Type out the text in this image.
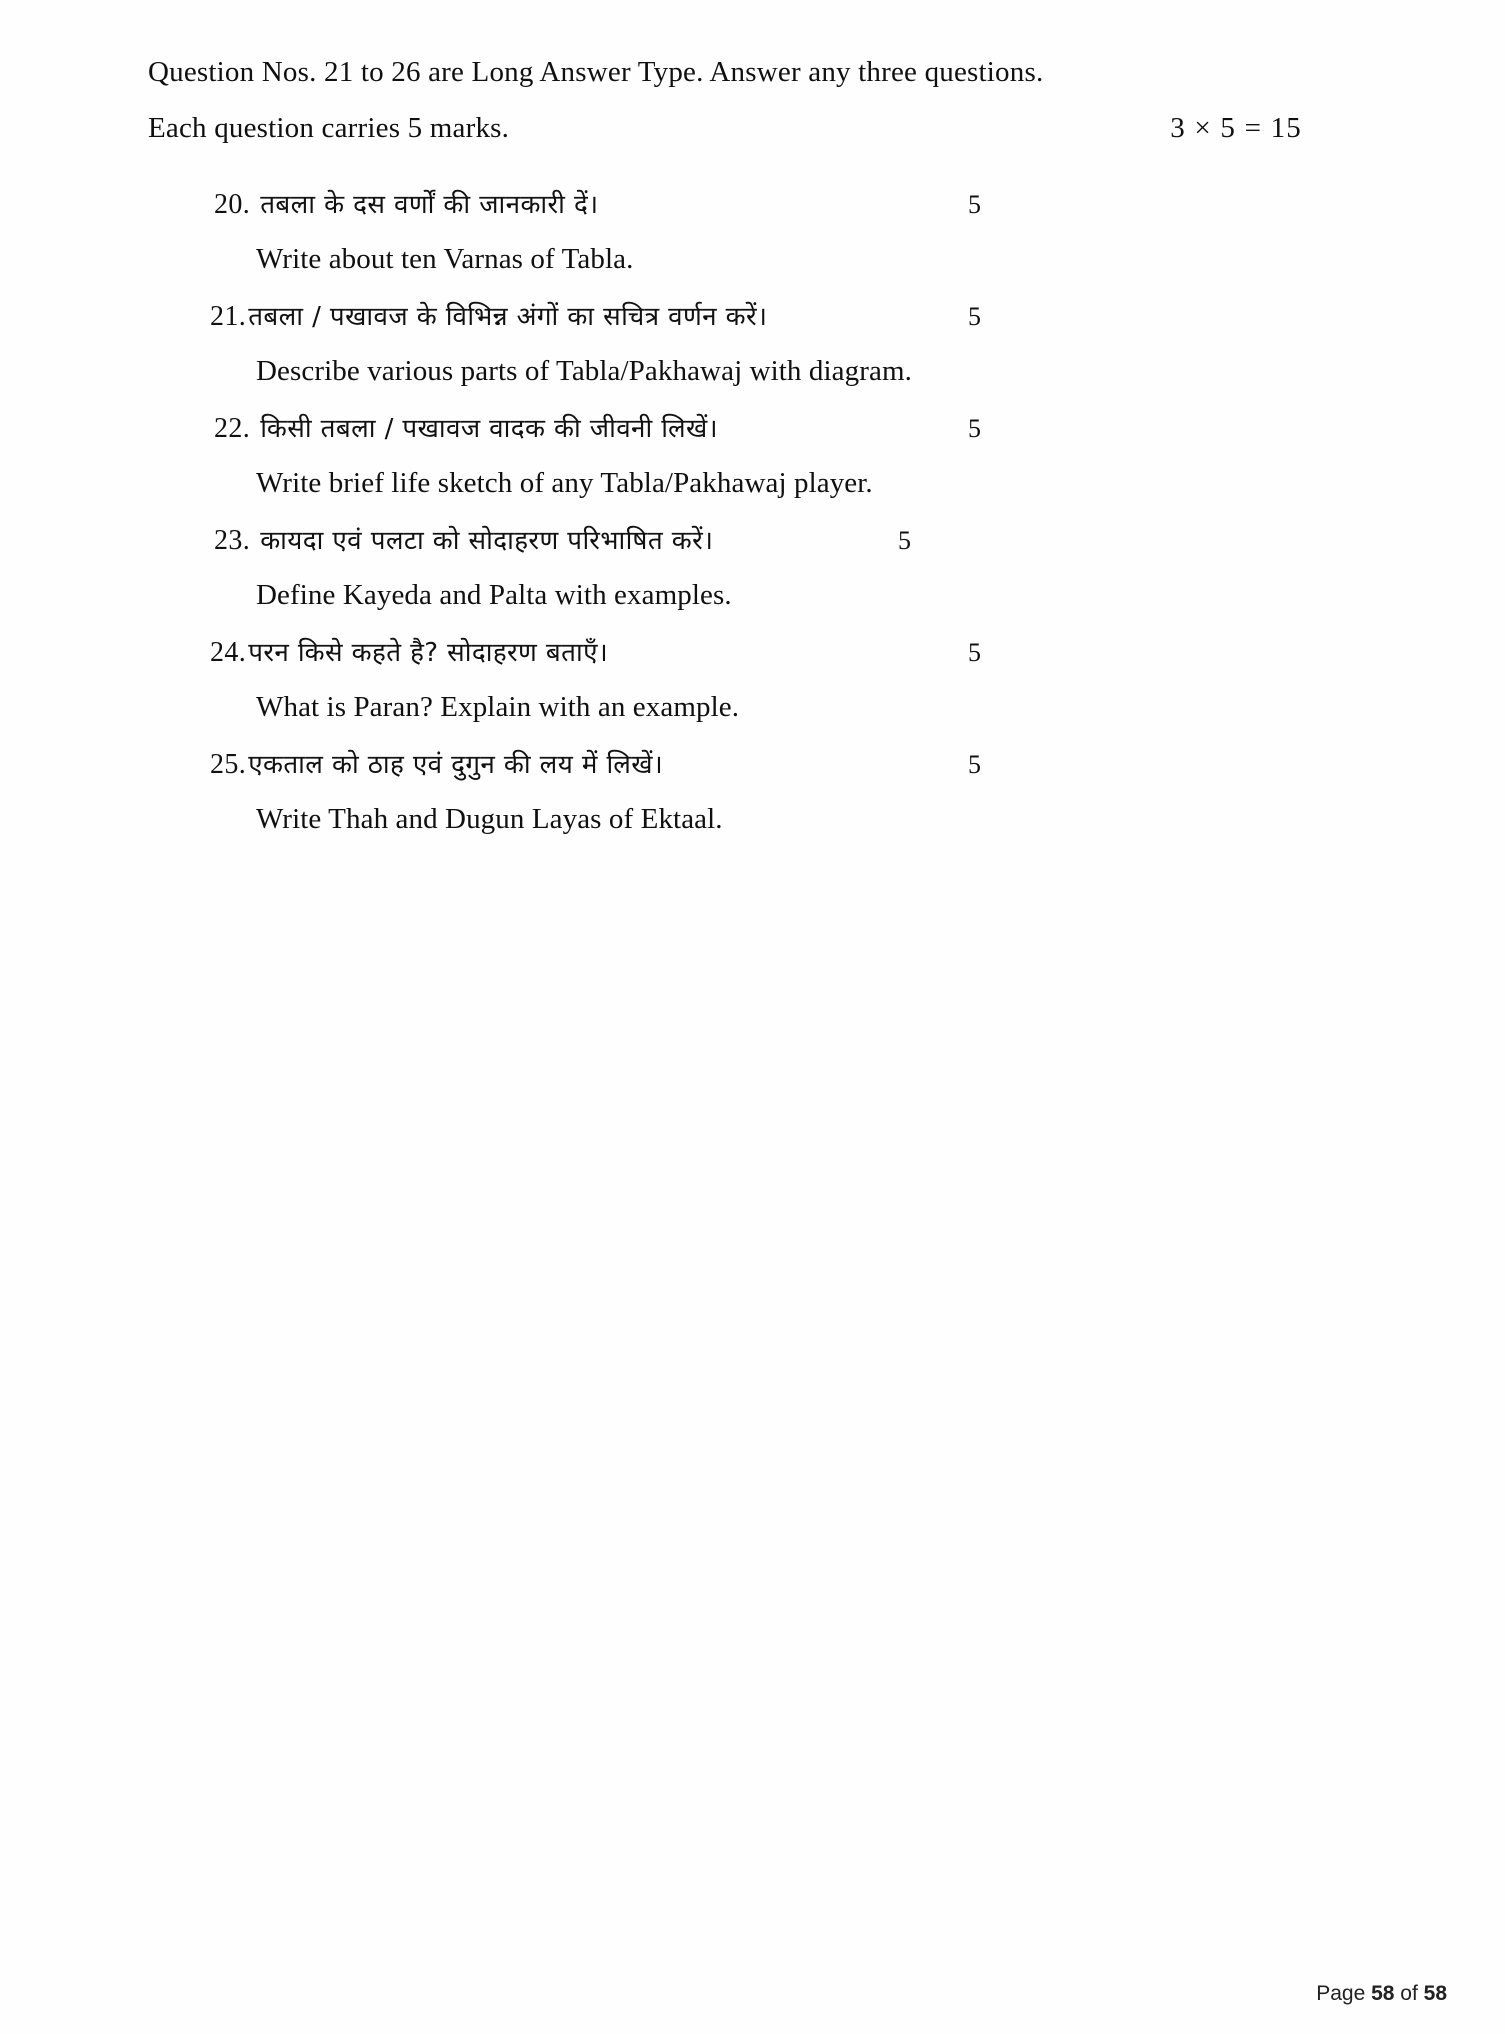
Question Nos. 21 to 26 are Long Answer Type. Answer any three questions.
Each question carries 5 marks.	3 × 5 = 15
20. तबला के दस वर्णों की जानकारी दें।	5
Write about ten Varnas of Tabla.
21. तबला / पखावज के विभिन्न अंगों का सचित्र वर्णन करें।	5
Describe various parts of Tabla/Pakhawaj with diagram.
22. किसी तबला / पखावज वादक की जीवनी लिखें।	5
Write brief life sketch of any Tabla/Pakhawaj player.
23. कायदा एवं पलटा को सोदाहरण परिभाषित करें।	5
Define Kayeda and Palta with examples.
24. परन किसे कहते है? सोदाहरण बताएँ।	5
What is Paran? Explain with an example.
25. एकताल को ठाह एवं दुगुन की लय में लिखें।	5
Write Thah and Dugun Layas of Ektaal.
Page 58 of 58
